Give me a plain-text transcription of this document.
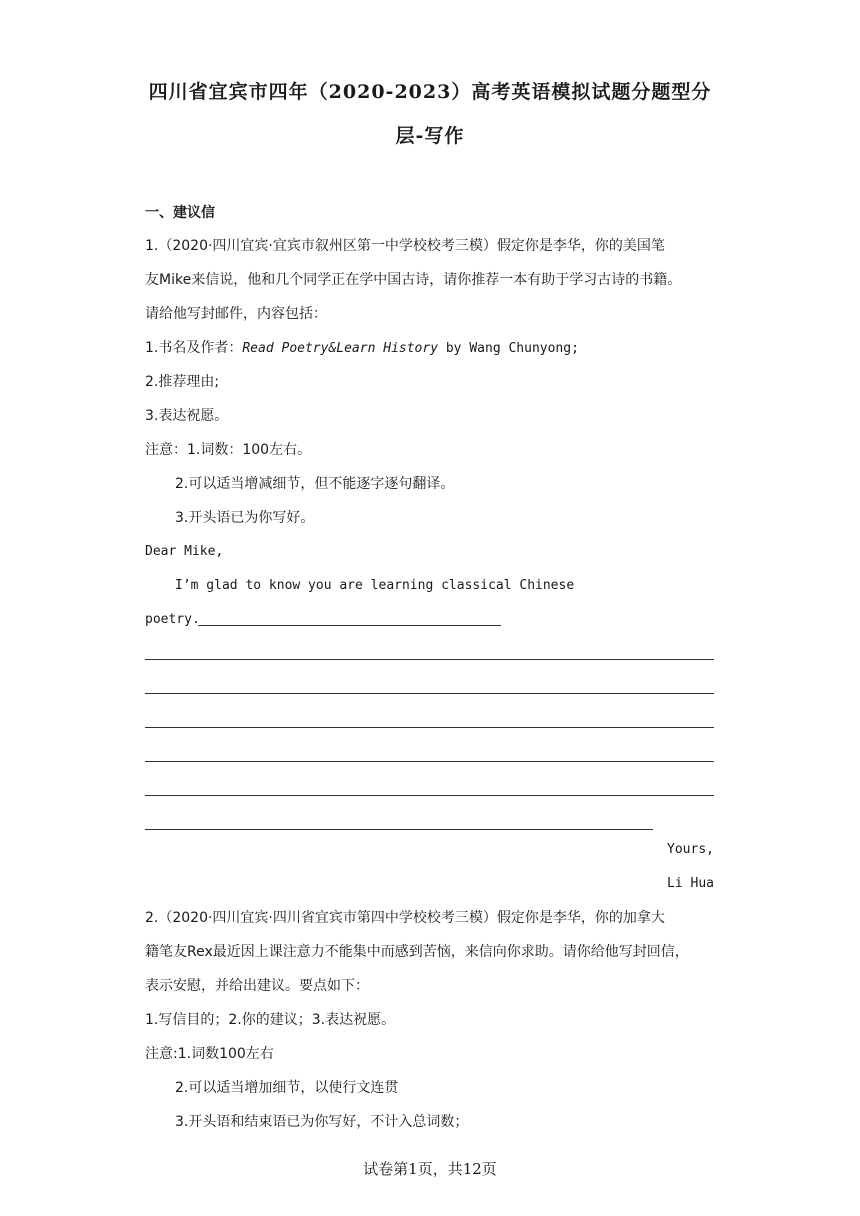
四川省宜宾市四年（2020-2023）高考英语模拟试题分题型分
层-写作
一、建议信
1.（2020·四川宜宾·宜宾市叙州区第一中学校校考三模）假定你是李华，你的美国笔
友Mike来信说，他和几个同学正在学中国古诗，请你推荐一本有助于学习古诗的书籍。
请给他写封邮件，内容包括：
1.书名及作者：Read Poetry&Learn History by Wang Chunyong;
2.推荐理由;
3.表达祝愿。
注意：1.词数：100左右。
2.可以适当增减细节，但不能逐字逐句翻译。
3.开头语已为你写好。
Dear Mike,
I’m glad to know you are learning classical Chinese
poetry.
Yours,
Li Hua
2.（2020·四川宜宾·四川省宜宾市第四中学校校考三模）假定你是李华，你的加拿大
籍笔友Rex最近因上课注意力不能集中而感到苦恼，来信向你求助。请你给他写封回信，
表示安慰，并给出建议。要点如下：
1.写信目的；2.你的建议；3.表达祝愿。
注意:1.词数100左右
2.可以适当增加细节，以使行文连贯
3.开头语和结束语已为你写好，不计入总词数；
试卷第1页，共12页
